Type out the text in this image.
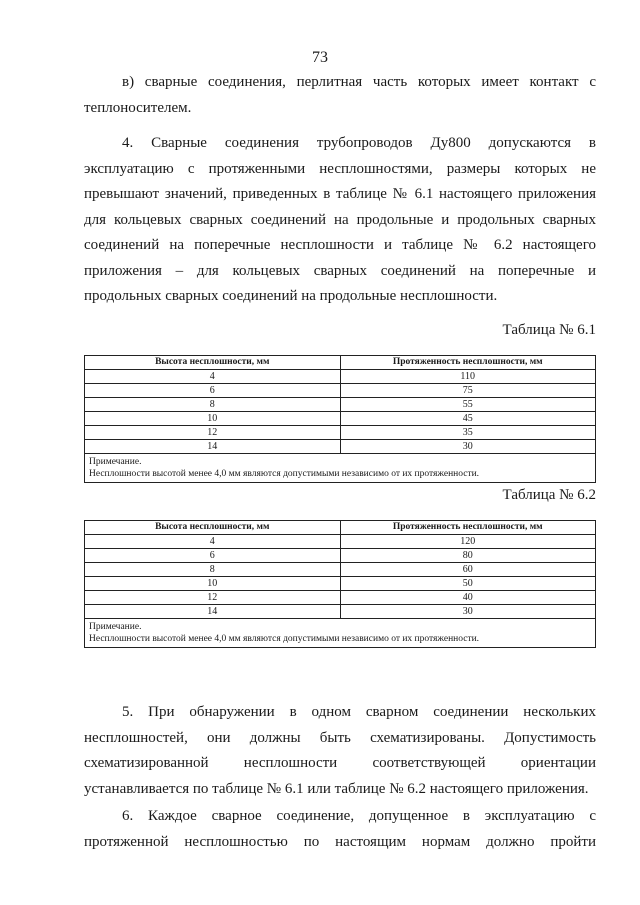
73
в) сварные соединения, перлитная часть которых имеет контакт с
теплоносителем.
4. Сварные соединения трубопроводов Ду800 допускаются в
эксплуатацию с протяженными несплошностями, размеры которых не
превышают значений, приведенных в таблице № 6.1 настоящего приложения
для кольцевых сварных соединений на продольные и продольных сварных
соединений на поперечные несплошности и таблице № 6.2 настоящего
приложения – для кольцевых сварных соединений на поперечные и
продольных сварных соединений на продольные несплошности.
Таблица № 6.1
Высота несплошности, мм	Протяженность несплошности, мм
4	110
6	75
8	55
10	45
12	35
14	30

Примечание.
Несплошности высотой менее 4,0 мм являются допустимыми независимо от их протяженности.	
Таблица № 6.2
Высота несплошности, мм	Протяженность несплошности, мм
4	120
6	80
8	60
10	50
12	40
14	30

Примечание.
Несплошности высотой менее 4,0 мм являются допустимыми независимо от их протяженности.	
5. При обнаружении в одном сварном соединении нескольких
несплошностей, они должны быть схематизированы. Допустимость
схематизированной несплошности соответствующей ориентации
устанавливается по таблице № 6.1 или таблице № 6.2 настоящего приложения.
6. Каждое сварное соединение, допущенное в эксплуатацию с
протяженной несплошностью по настоящим нормам должно пройти
